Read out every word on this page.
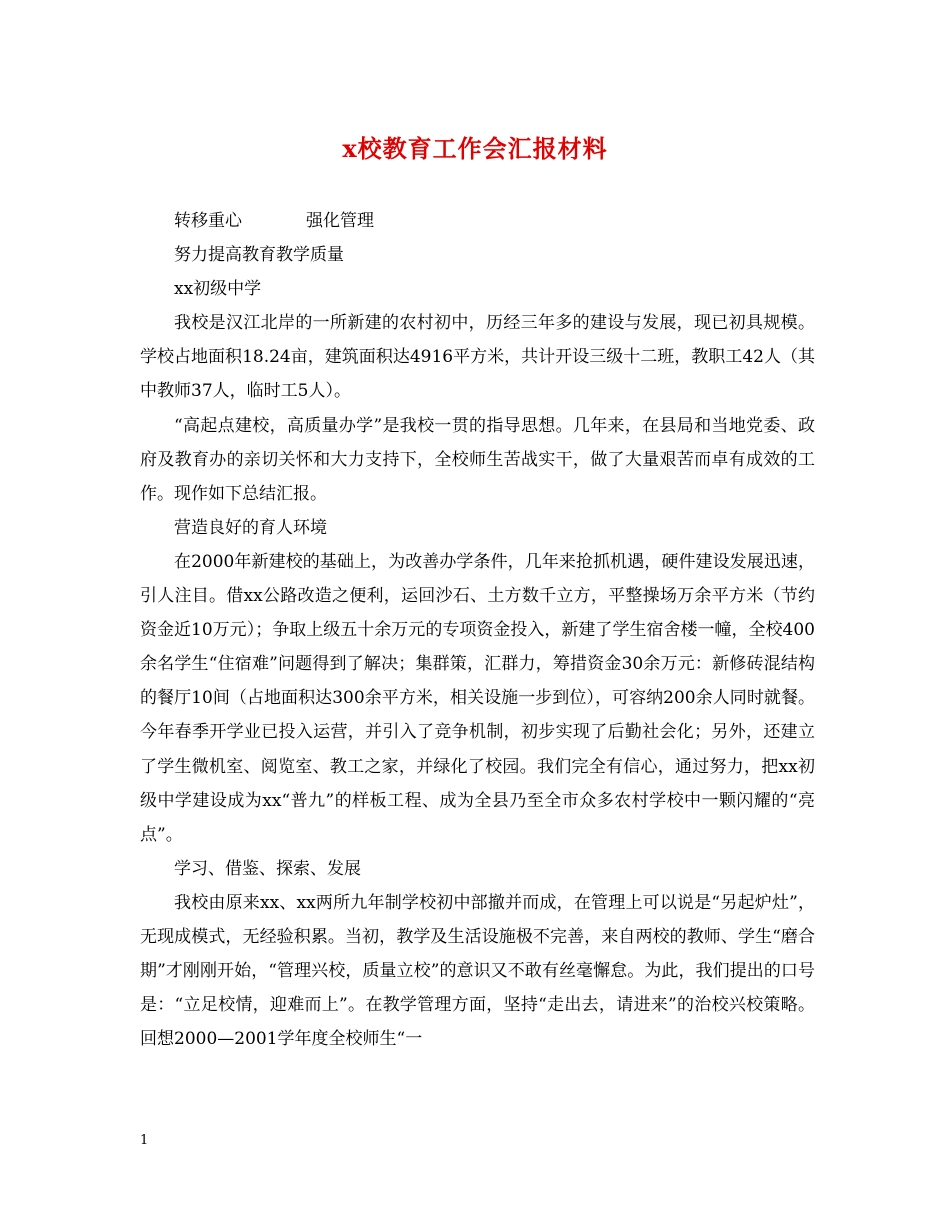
x校教育工作会汇报材料

转移重心	强化管理

努力提高教育教学质量

xx初级中学

我校是汉江北岸的一所新建的农村初中，历经三年多的建设与发展，现已初具规模。学校占地面积18.24亩，建筑面积达4916平方米，共计开设三级十二班，教职工42人（其中教师37人，临时工5人）。

“高起点建校，高质量办学”是我校一贯的指导思想。几年来，在县局和当地党委、政府及教育办的亲切关怀和大力支持下，全校师生苦战实干，做了大量艰苦而卓有成效的工作。现作如下总结汇报。

营造良好的育人环境

在2000年新建校的基础上，为改善办学条件，几年来抢抓机遇，硬件建设发展迅速，引人注目。借xx公路改造之便利，运回沙石、土方数千立方，平整操场万余平方米（节约资金近10万元）；争取上级五十余万元的专项资金投入，新建了学生宿舍楼一幢，全校400余名学生“住宿难”问题得到了解决；集群策，汇群力，筹措资金30余万元：新修砖混结构的餐厅10间（占地面积达300余平方米，相关设施一步到位），可容纳200余人同时就餐。今年春季开学业已投入运营，并引入了竞争机制，初步实现了后勤社会化；另外，还建立了学生微机室、阅览室、教工之家，并绿化了校园。我们完全有信心，通过努力，把xx初级中学建设成为xx“普九”的样板工程、成为全县乃至全市众多农村学校中一颗闪耀的“亮点”。

学习、借鉴、探索、发展

我校由原来xx、xx两所九年制学校初中部撤并而成，在管理上可以说是“另起炉灶”，无现成模式，无经验积累。当初，教学及生活设施极不完善，来自两校的教师、学生“磨合期”才刚刚开始，“管理兴校，质量立校”的意识又不敢有丝毫懈怠。为此，我们提出的口号是：“立足校情，迎难而上”。在教学管理方面，坚持“走出去，请进来”的治校兴校策略。回想2000—2001学年度全校师生“一

1
